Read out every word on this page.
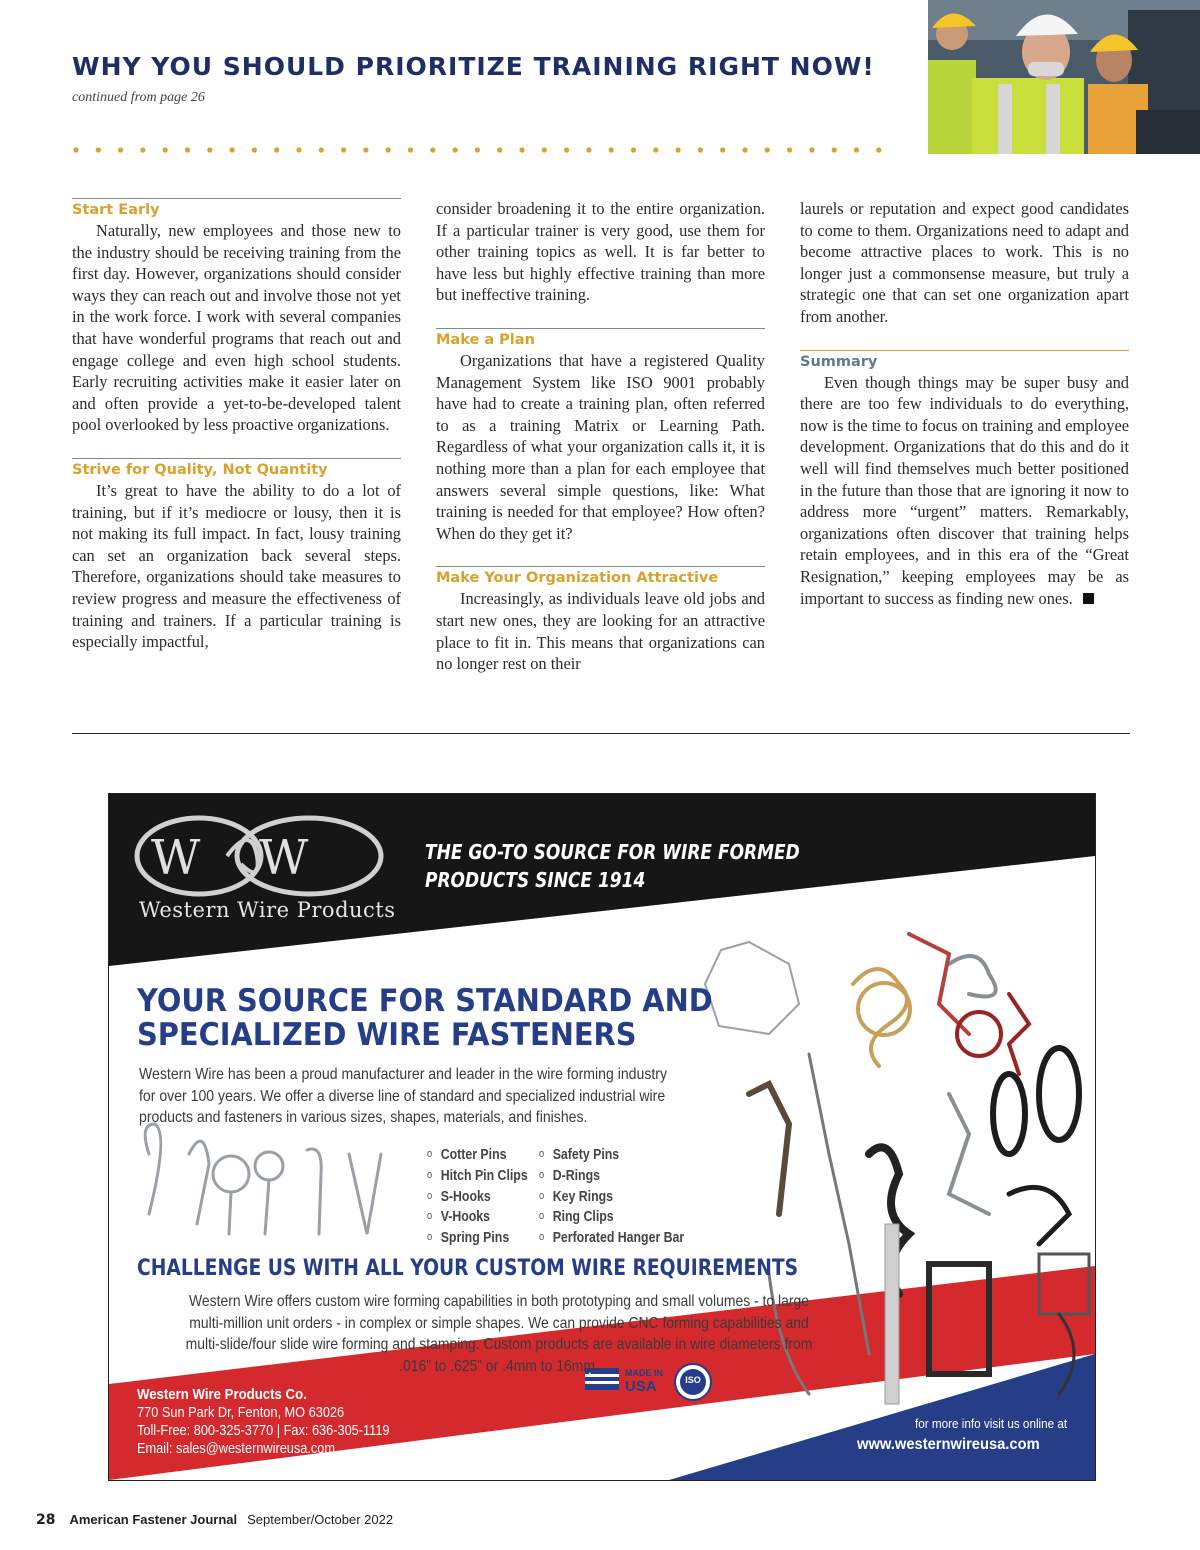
WHY YOU SHOULD PRIORITIZE TRAINING RIGHT NOW!
continued from page 26
Start Early

Naturally, new employees and those new to the industry should be receiving training from the first day. However, organizations should consider ways they can reach out and involve those not yet in the work force. I work with several companies that have wonderful programs that reach out and engage college and even high school students. Early recruiting activities make it easier later on and often provide a yet-to-be-developed talent pool overlooked by less proactive organizations.

Strive for Quality, Not Quantity

It’s great to have the ability to do a lot of training, but if it’s mediocre or lousy, then it is not making its full impact. In fact, lousy training can set an organization back several steps. Therefore, organizations should take measures to review progress and measure the effectiveness of training and trainers. If a particular training is especially impactful,

consider broadening it to the entire organization. If a particular trainer is very good, use them for other training topics as well. It is far better to have less but highly effective training than more but ineffective training.

Make a Plan

Organizations that have a registered Quality Management System like ISO 9001 probably have had to create a training plan, often referred to as a training Matrix or Learning Path. Regardless of what your organization calls it, it is nothing more than a plan for each employee that answers several simple questions, like: What training is needed for that employee? How often? When do they get it?

Make Your Organization Attractive

Increasingly, as individuals leave old jobs and start new ones, they are looking for an attractive place to fit in. This means that organizations can no longer rest on their

laurels or reputation and expect good candidates to come to them. Organizations need to adapt and become attractive places to work. This is no longer just a commonsense measure, but truly a strategic one that can set one organization apart from another.

Summary

Even though things may be super busy and there are too few individuals to do everything, now is the time to focus on training and employee development. Organizations that do this and do it well will find themselves much better positioned in the future than those that are ignoring it now to address more “urgent” matters. Remarkably, organizations often discover that training helps retain employees, and in this era of the “Great Resignation,” keeping employees may be as important to success as finding new ones.

W W	THE GO-TO SOURCE FOR WIRE FORMED
PRODUCTS SINCE 1914
Western Wire Products
YOUR SOURCE FOR STANDARD AND
SPECIALIZED WIRE FASTENERS
Western Wire has been a proud manufacturer and leader in the wire forming industry for over 100 years. We offer a diverse line of standard and specialized industrial wire products and fasteners in various sizes, shapes, materials, and finishes.
o Cotter Pins
o Hitch Pin Clips
o S-Hooks
o V-Hooks
o Spring Pins
o Safety Pins
o D-Rings
o Key Rings
o Ring Clips
o Perforated Hanger Bar
CHALLENGE US WITH ALL YOUR CUSTOM WIRE REQUIREMENTS
Western Wire offers custom wire forming capabilities in both prototyping and small volumes - to large multi-million unit orders - in complex or simple shapes. We can provide CNC forming capabilities and multi-slide/four slide wire forming and stamping. Custom products are available in wire diameters from .016” to .625” or .4mm to 16mm.	MADE IN
USA	ISO
Western Wire Products Co.
770 Sun Park Dr, Fenton, MO 63026
Toll-Free: 800-325-3770 | Fax: 636-305-1119
Email: sales@westernwireusa.com
for more info visit us online at
www.westernwireusa.com
28 American Fastener Journal September/October 2022
